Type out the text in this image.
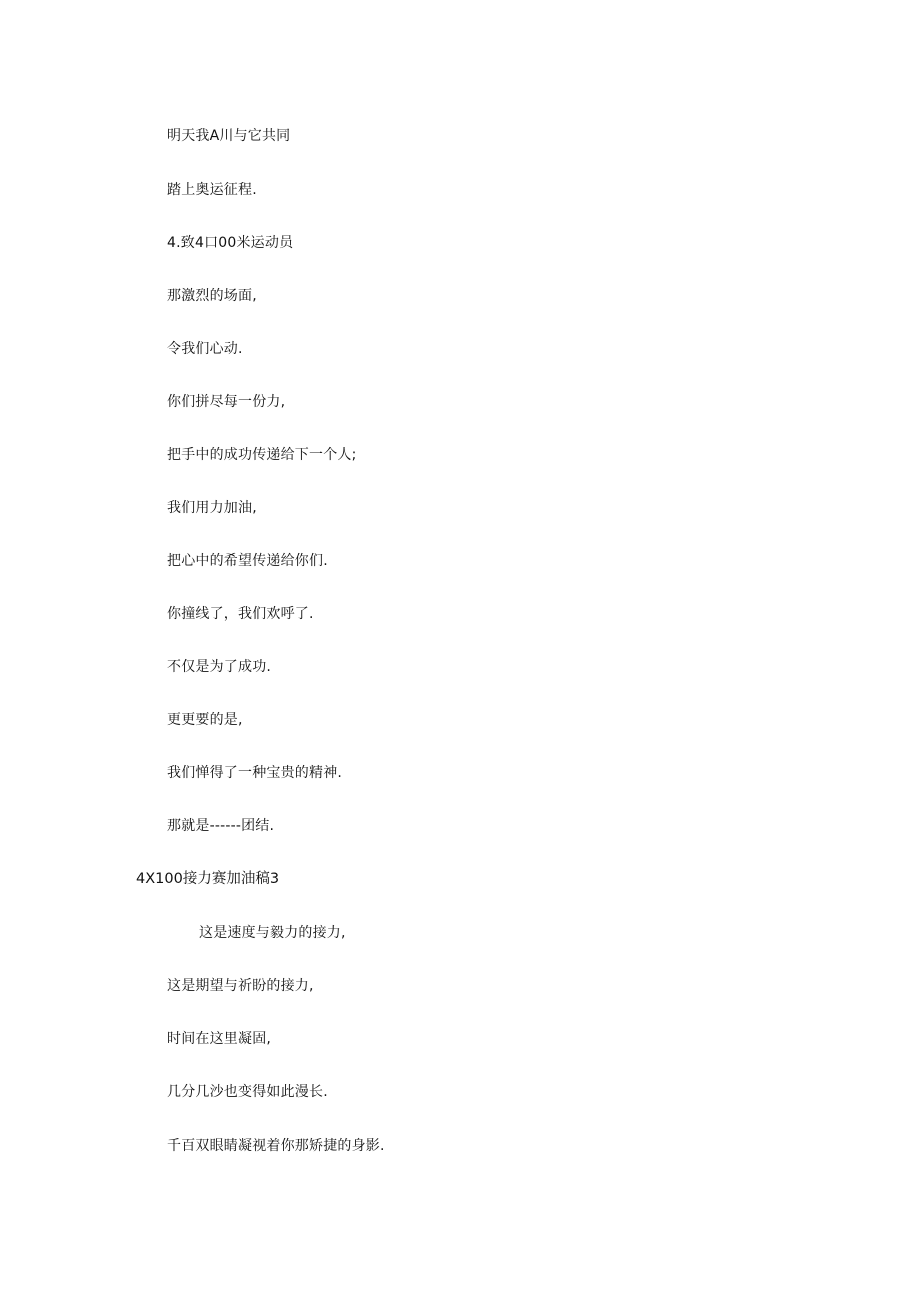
明天我A川与它共同
踏上奥运征程.
4.致4口00米运动员
那激烈的场面,
令我们心动.
你们拼尽每一份力,
把手中的成功传递给下一个人;
我们用力加油,
把心中的希望传递给你们.
你撞线了，我们欢呼了.
不仅是为了成功.
更更要的是,
我们惮得了一种宝贵的精神.
那就是------团结.
4X100接力赛加油稿3
这是速度与毅力的接力,
这是期望与祈盼的接力,
时间在这里凝固,
几分几沙也变得如此漫长.
千百双眼睛凝视着你那矫捷的身影.
